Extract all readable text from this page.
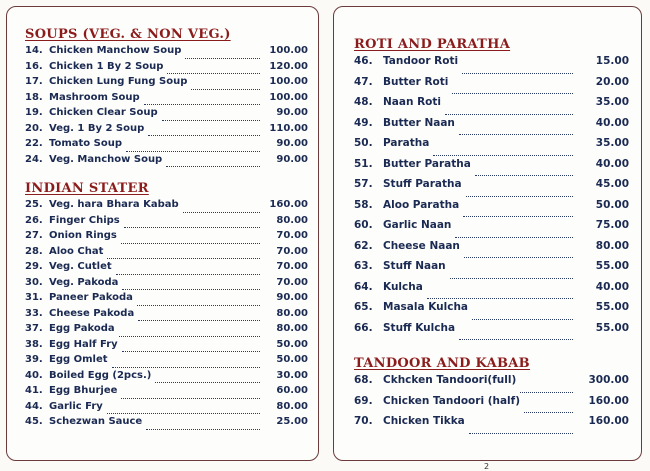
SOUPS (VEG. & NON VEG.)
14. Chicken Manchow Soup	100.00
16. Chicken 1 By 2 Soup	120.00
17. Chicken Lung Fung Soup	100.00
18. Mashroom Soup	100.00
19. Chicken Clear Soup	90.00
20. Veg. 1 By 2 Soup	110.00
22. Tomato Soup	90.00
24. Veg. Manchow Soup	90.00
INDIAN STATER
25. Veg. hara Bhara Kabab	160.00
26. Finger Chips	80.00
27. Onion Rings	70.00
28. Aloo Chat	70.00
29. Veg. Cutlet	70.00
30. Veg. Pakoda	70.00
31. Paneer Pakoda	90.00
33. Cheese Pakoda	80.00
37. Egg Pakoda	80.00
38. Egg Half Fry	50.00
39. Egg Omlet	50.00
40. Boiled Egg (2pcs.)	30.00
41. Egg Bhurjee	60.00
44. Garlic Fry	80.00
45. Schezwan Sauce	25.00
ROTI AND PARATHA
46. Tandoor Roti	15.00
47. Butter Roti	20.00
48. Naan Roti	35.00
49. Butter Naan	40.00
50. Paratha	35.00
51. Butter Paratha	40.00
57. Stuff Paratha	45.00
58. Aloo Paratha	50.00
60. Garlic Naan	75.00
62. Cheese Naan	80.00
63. Stuff Naan	55.00
64. Kulcha	40.00
65. Masala Kulcha	55.00
66. Stuff Kulcha	55.00
TANDOOR AND KABAB
68. Ckhcken Tandoori(full)	300.00
69. Chicken Tandoori (half)	160.00
70. Chicken Tikka	160.00
2
